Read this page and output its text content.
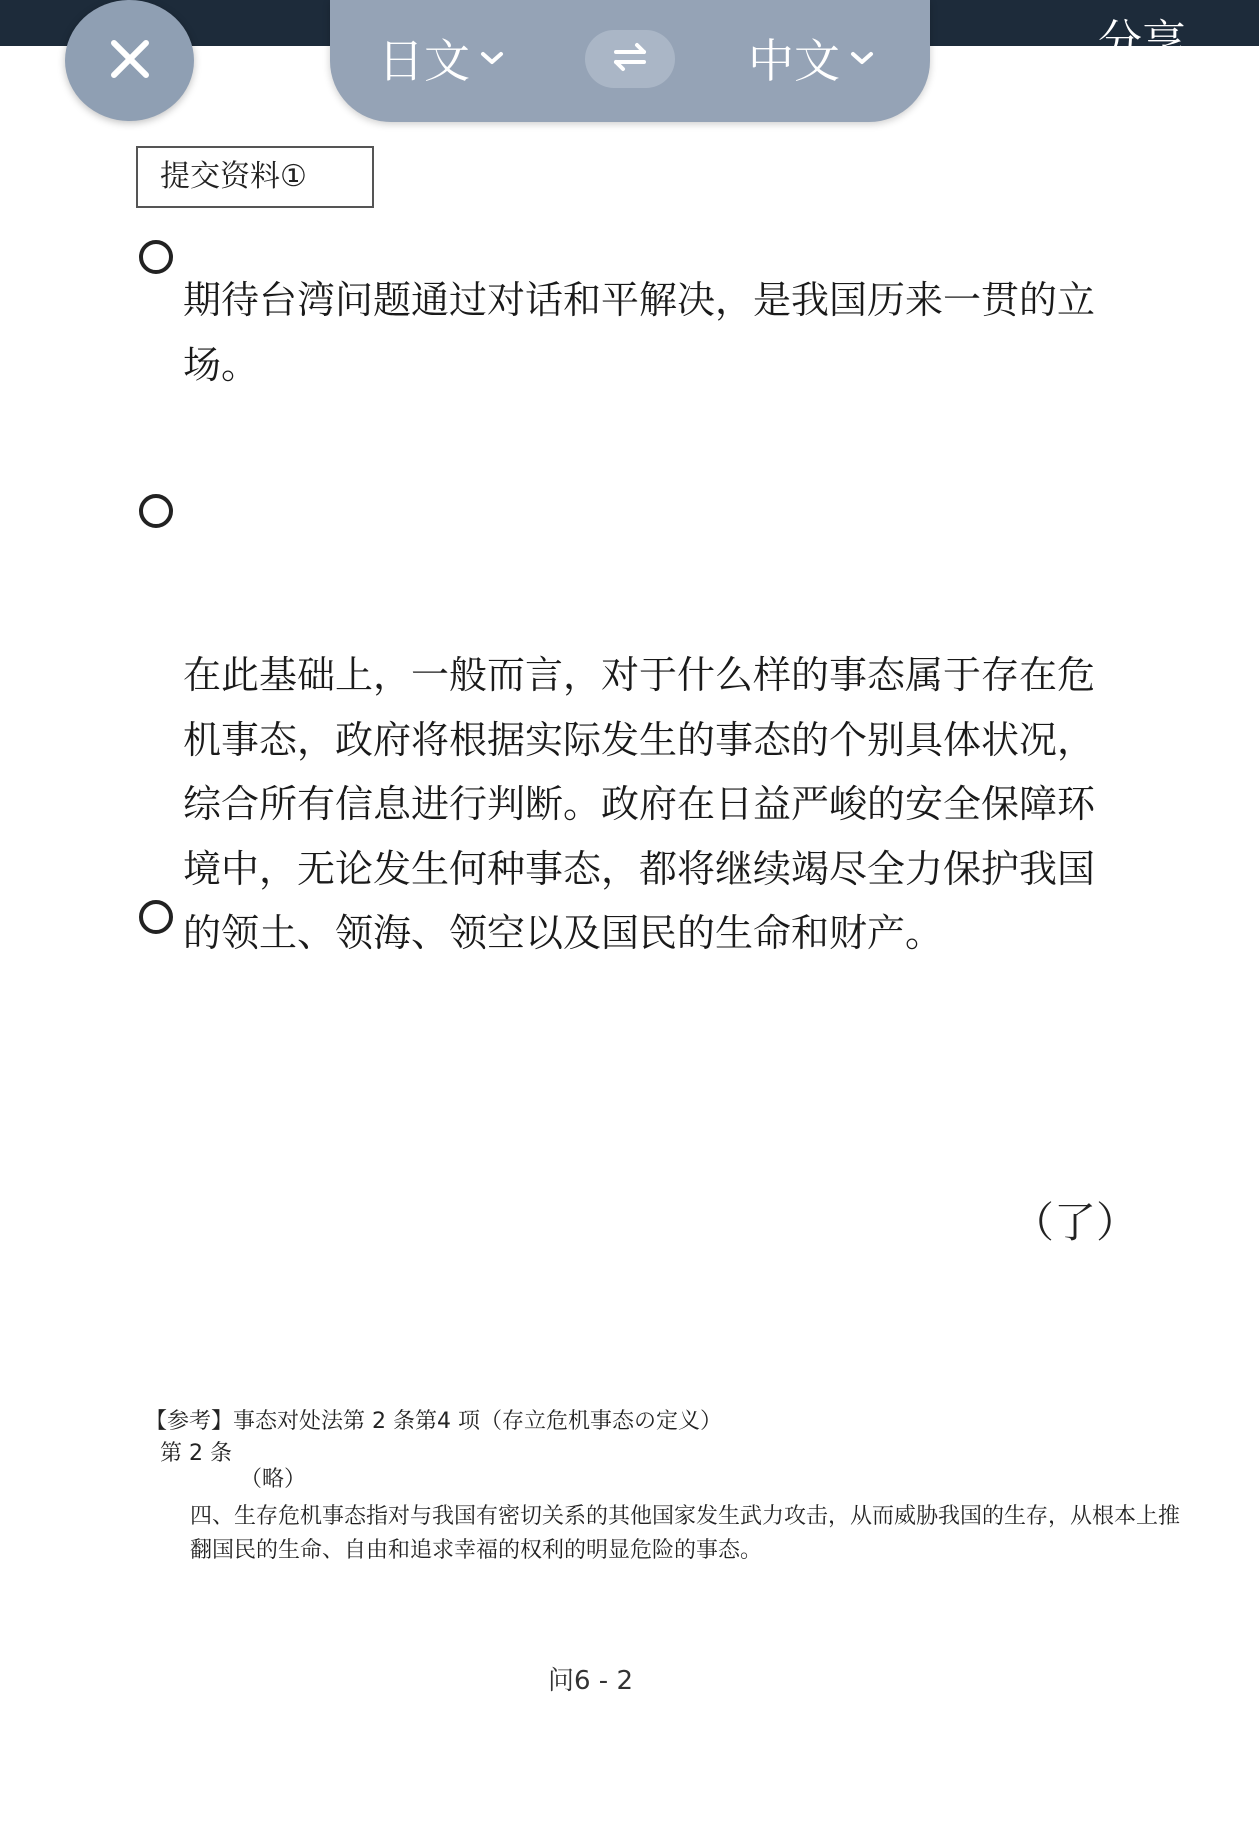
分享
日文	中文
提交资料①
期待台湾问题通过对话和平解决，是我国历来一贯的立场。
在此基础上，一般而言，对于什么样的事态属于存在危机事态，政府将根据实际发生的事态的个别具体状况，综合所有信息进行判断。政府在日益严峻的安全保障环境中，无论发生何种事态，都将继续竭尽全力保护我国的领土、领海、领空以及国民的生命和财产。
（了）
【参考】事态对处法第 2 条第4 项（存立危机事态の定义）
第 2 条
（略）
四、生存危机事态指对与我国有密切关系的其他国家发生武力攻击，从而威胁我国的生存，从根本上推翻国民的生命、自由和追求幸福的权利的明显危险的事态。
问6 - 2
